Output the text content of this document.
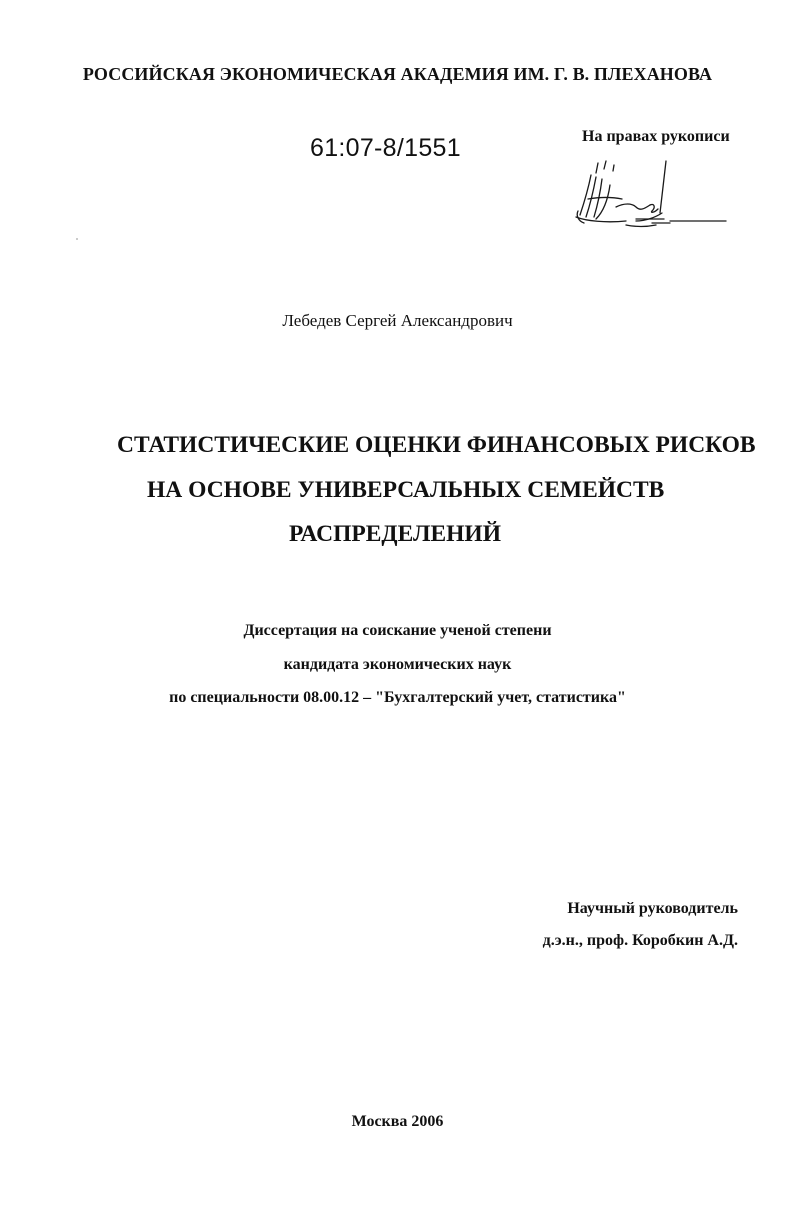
РОССИЙСКАЯ ЭКОНОМИЧЕСКАЯ АКАДЕМИЯ ИМ. Г. В. ПЛЕХАНОВА
61:07-8/1551	На правах рукописи
Лебедев Сергей Александрович
СТАТИСТИЧЕСКИЕ ОЦЕНКИ ФИНАНСОВЫХ РИСКОВ
НА ОСНОВЕ УНИВЕРСАЛЬНЫХ СЕМЕЙСТВ
РАСПРЕДЕЛЕНИЙ
Диссертация на соискание ученой степени
кандидата экономических наук
по специальности 08.00.12 – "Бухгалтерский учет, статистика"
Научный руководитель
д.э.н., проф. Коробкин А.Д.
Москва 2006
